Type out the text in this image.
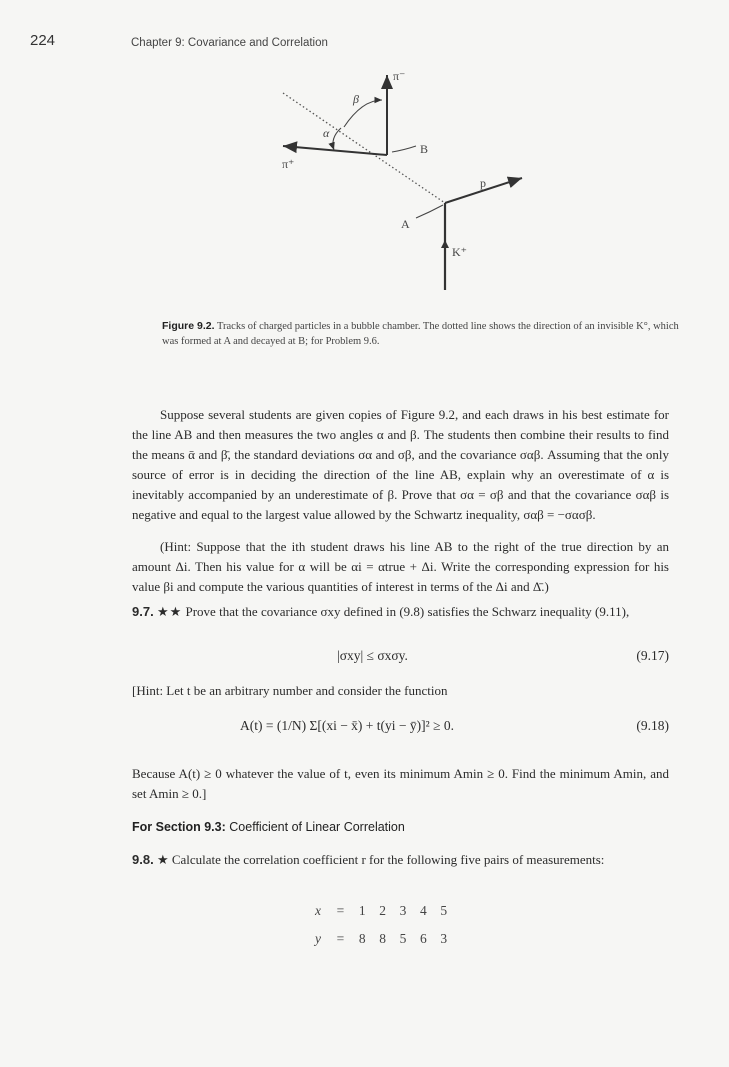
224	Chapter 9: Covariance and Correlation
π⁻
π⁺
β
α
B
A
p
K⁺
Figure 9.2. Tracks of charged particles in a bubble chamber. The dotted line shows the direction of an invisible K°, which was formed at A and decayed at B; for Problem 9.6.
Suppose several students are given copies of Figure 9.2, and each draws in his best estimate for the line AB and then measures the two angles α and β. The students then combine their results to find the means ᾱ and β̄, the standard deviations σα and σβ, and the covariance σαβ. Assuming that the only source of error is in deciding the direction of the line AB, explain why an overestimate of α is inevitably accompanied by an underestimate of β. Prove that σα = σβ and that the covariance σαβ is negative and equal to the largest value allowed by the Schwartz inequality, σαβ = −σασβ.
(Hint: Suppose that the ith student draws his line AB to the right of the true direction by an amount Δi. Then his value for α will be αi = αtrue + Δi. Write the corresponding expression for his value βi and compute the various quantities of interest in terms of the Δi and Δ̄.)
9.7. ★★ Prove that the covariance σxy defined in (9.8) satisfies the Schwarz inequality (9.11),
|σxy| ≤ σxσy.	(9.17)
[Hint: Let t be an arbitrary number and consider the function
A(t) = (1/N) Σ[(xi − x̄) + t(yi − ȳ)]² ≥ 0.	(9.18)
Because A(t) ≥ 0 whatever the value of t, even its minimum Amin ≥ 0. Find the minimum Amin, and set Amin ≥ 0.]
For Section 9.3: Coefficient of Linear Correlation
9.8. ★ Calculate the correlation coefficient r for the following five pairs of measurements:
x = 1 2 3 4 5
y = 8 8 5 6 3
